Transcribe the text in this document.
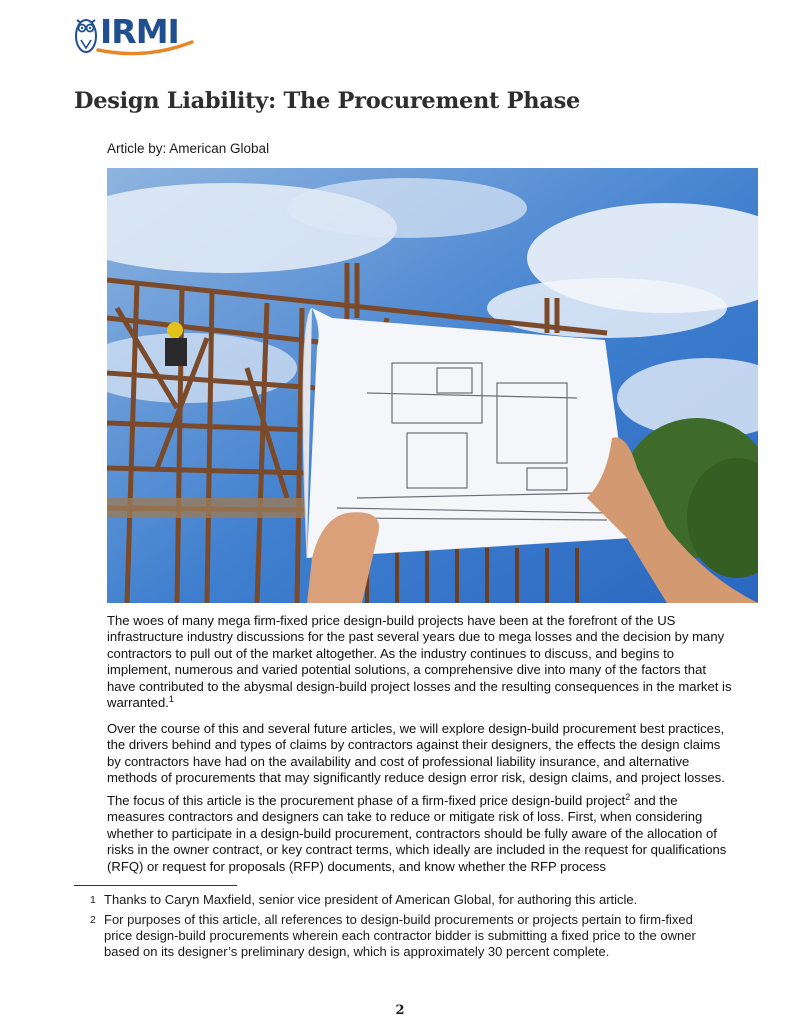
IRMI
Design Liability: The Procurement Phase
Article by: American Global

The woes of many mega firm-fixed price design-build projects have been at the forefront of the US infrastructure industry discussions for the past several years due to mega losses and the decision by many contractors to pull out of the market altogether. As the industry continues to discuss, and begins to implement, numerous and varied potential solutions, a comprehensive dive into many of the factors that have contributed to the abysmal design-build project losses and the resulting consequences in the market is warranted.$^1$

Over the course of this and several future articles, we will explore design-build procurement best practices, the drivers behind and types of claims by contractors against their designers, the effects the design claims by contractors have had on the availability and cost of professional liability insurance, and alternative methods of procurements that may significantly reduce design error risk, design claims, and project losses.

The focus of this article is the procurement phase of a firm-fixed price design-build project$^2$ and the measures contractors and designers can take to reduce or mitigate risk of loss. First, when considering whether to participate in a design-build procurement, contractors should be fully aware of the allocation of risks in the owner contract, or key contract terms, which ideally are included in the request for qualifications (RFQ) or request for proposals (RFP) documents, and know whether the RFP process

1 Thanks to Caryn Maxfield, senior vice president of American Global, for authoring this article.

2 For purposes of this article, all references to design-build procurements or projects pertain to firm-fixed price design-build procurements wherein each contractor bidder is submitting a fixed price to the owner based on its designer’s preliminary design, which is approximately 30 percent complete.

2
